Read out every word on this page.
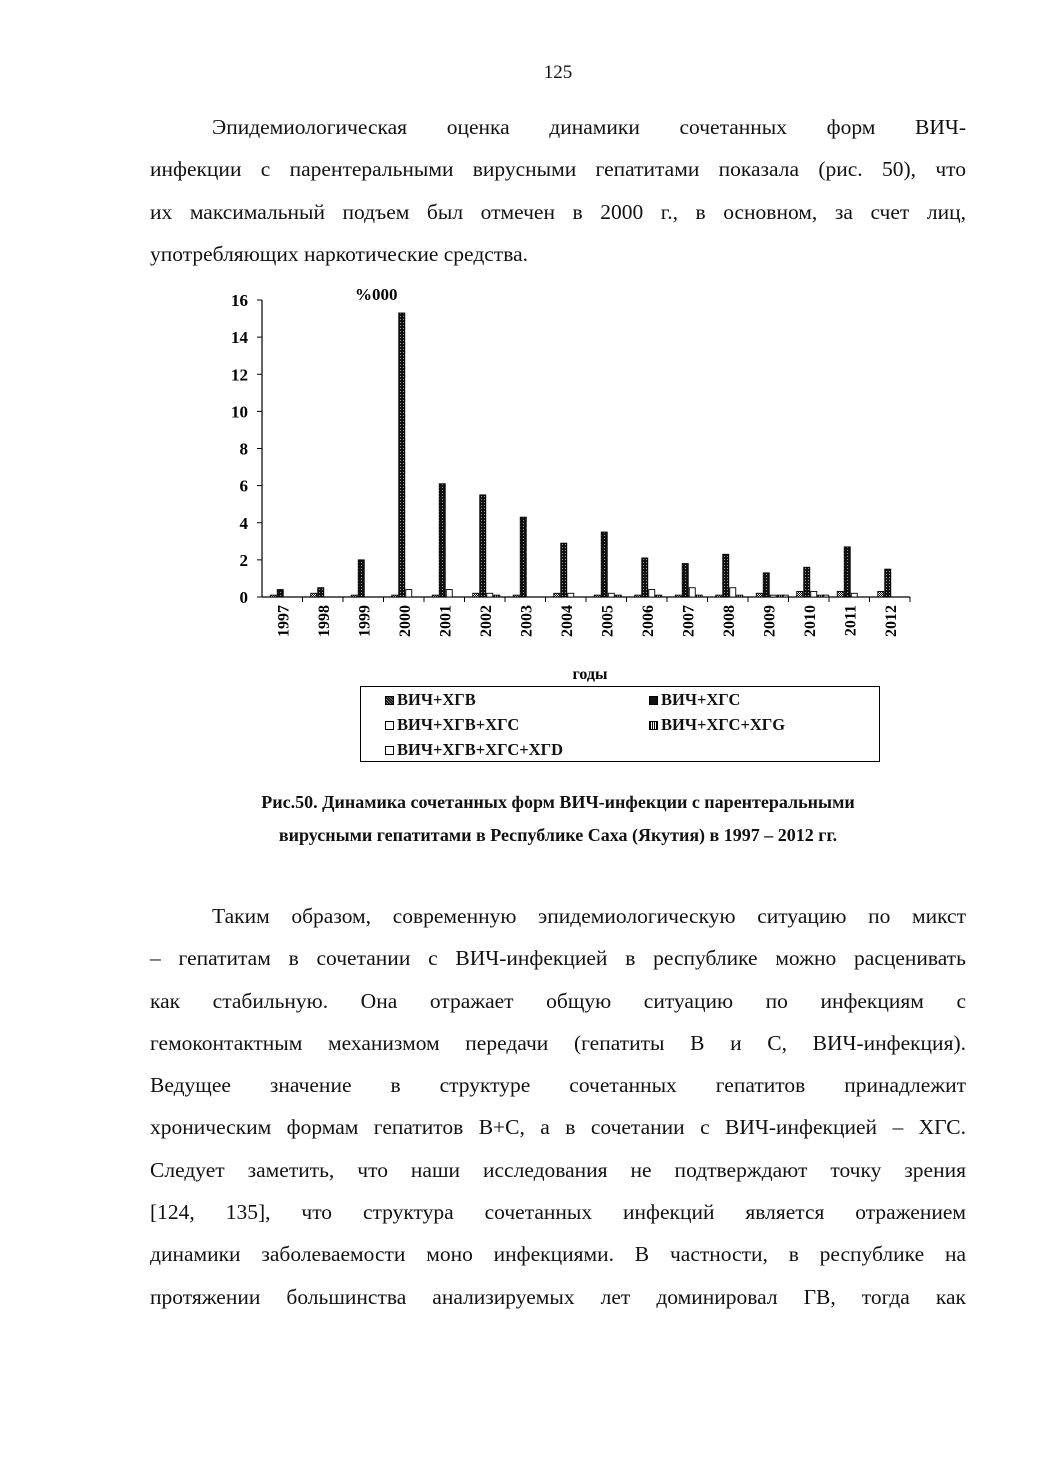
125
Эпидемиологическая оценка динамики сочетанных форм ВИЧ-
инфекции с парентеральными вирусными гепатитами показала (рис. 50), что
их максимальный подъем был отмечен в 2000 г., в основном, за счет лиц,
употребляющих наркотические средства.
0
2
4
6
8
10
12
14
16	%000
1997 1998 1999 2000 2001 2002 2003 2004 2005 2006 2007 2008 2009 2010 2011 2012
годы
ВИЧ+ХГВ	ВИЧ+ХГС
ВИЧ+ХГВ+ХГС	ВИЧ+ХГС+ХГG
ВИЧ+ХГВ+ХГС+ХГD
Рис.50. Динамика сочетанных форм ВИЧ-инфекции с парентеральными
вирусными гепатитами в Республике Саха (Якутия) в 1997 – 2012 гг.
Таким образом, современную эпидемиологическую ситуацию по микст
– гепатитам в сочетании с ВИЧ-инфекцией в республике можно расценивать
как стабильную. Она отражает общую ситуацию по инфекциям с
гемоконтактным механизмом передачи (гепатиты В и С, ВИЧ-инфекция).
Ведущее значение в структуре сочетанных гепатитов принадлежит
хроническим формам гепатитов В+С, а в сочетании с ВИЧ-инфекцией – ХГС.
Следует заметить, что наши исследования не подтверждают точку зрения
[124, 135], что структура сочетанных инфекций является отражением
динамики заболеваемости моно инфекциями. В частности, в республике на
протяжении большинства анализируемых лет доминировал ГВ, тогда как
